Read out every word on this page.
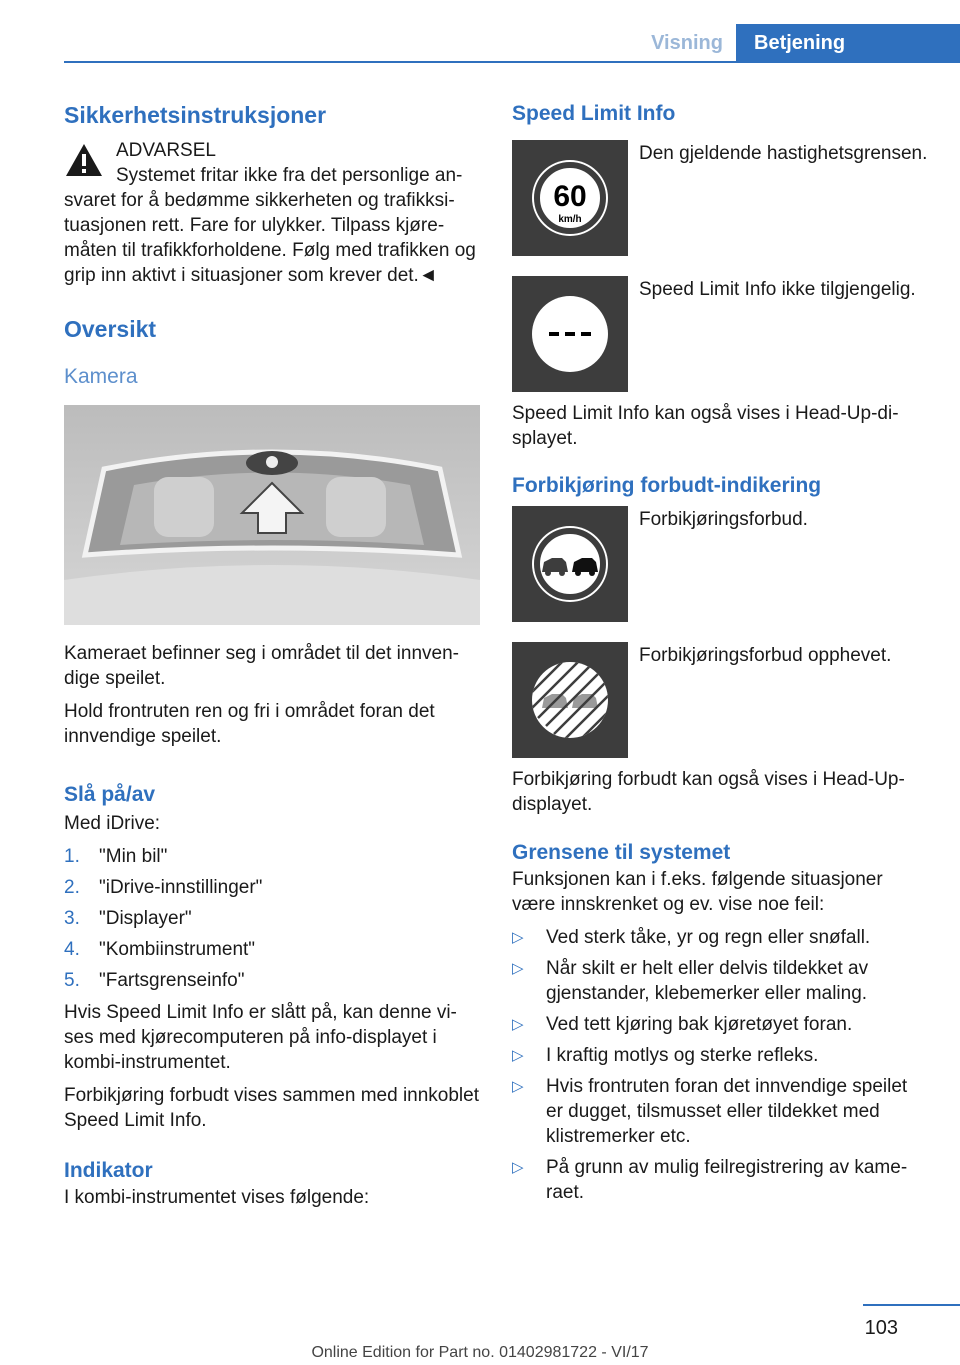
Visning	Betjening
Sikkerhetsinstruksjoner

ADVARSEL

Systemet fritar ikke fra det personlige ansvaret for å bedømme sikkerheten og trafikksituasjonen rett. Fare for ulykker. Tilpass kjøremåten til trafikkforholdene. Følg med trafikken og grip inn aktivt i situasjoner som krever det.◄

Oversikt
Kamera

Kameraet befinner seg i området til det innvendige speilet.

Hold frontruten ren og fri i området foran det innvendige speilet.

Slå på/av

Med iDrive:

1.	"Min bil"
2.	"iDrive-innstillinger"
3.	"Displayer"
4.	"Kombiinstrument"
5.	"Fartsgrenseinfo"

Hvis Speed Limit Info er slått på, kan denne vises med kjørecomputeren på info-displayet i kombi-instrumentet.

Forbikjøring forbudt vises sammen med innkoblet Speed Limit Info.

Indikator

I kombi-instrumentet vises følgende:

Speed Limit Info
60
km/h

Den gjeldende hastighetsgrensen.

Speed Limit Info ikke tilgjengelig.

Speed Limit Info kan også vises i Head-Up-displayet.

Forbikjøring forbudt-indikering

Forbikjøringsforbud.

Forbikjøringsforbud opphevet.

Forbikjøring forbudt kan også vises i Head-Up-displayet.

Grensene til systemet

Funksjonen kan i f.eks. følgende situasjoner være innskrenket og ev. vise noe feil:

▷	Ved sterk tåke, yr og regn eller snøfall.
▷	Når skilt er helt eller delvis tildekket av gjenstander, klebemerker eller maling.
▷	Ved tett kjøring bak kjøretøyet foran.
▷	I kraftig motlys og sterke refleks.
▷	Hvis frontruten foran det innvendige speilet er dugget, tilsmusset eller tildekket med klistremerker etc.
▷	På grunn av mulig feilregistrering av kameraet.
103
Online Edition for Part no. 01402981722 - VI/17
